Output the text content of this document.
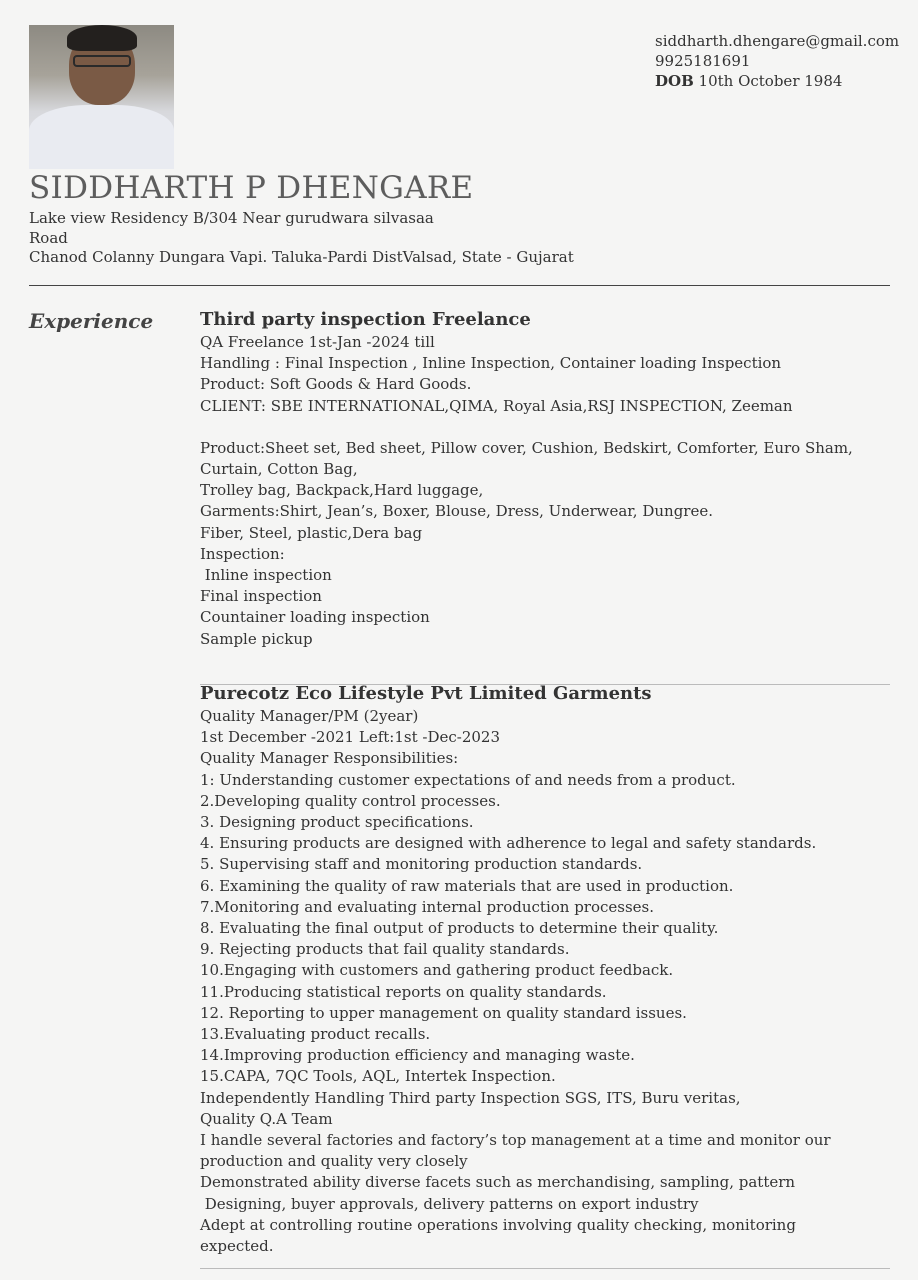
siddharth.dhengare@gmail.com
9925181691
DOB 10th October 1984
SIDDHARTH P DHENGARE
Lake view Residency B/304 Near gurudwara silvasaa
Road
Chanod Colanny Dungara Vapi. Taluka-Pardi DistValsad, State - Gujarat
Experience	Third party inspection Freelance
QA Freelance 1st-Jan -2024 till
Handling : Final Inspection , Inline Inspection, Container loading Inspection
Product: Soft Goods & Hard Goods.
CLIENT: SBE INTERNATIONAL,QIMA, Royal Asia,RSJ INSPECTION, Zeeman
Product:Sheet set, Bed sheet, Pillow cover, Cushion, Bedskirt, Comforter, Euro Sham,
Curtain, Cotton Bag,
Trolley bag, Backpack,Hard luggage,
Garments:Shirt, Jean’s, Boxer, Blouse, Dress, Underwear, Dungree.
Fiber, Steel, plastic,Dera bag
Inspection:
Inline inspection
Final inspection
Countainer loading inspection
Sample pickup
Purecotz Eco Lifestyle Pvt Limited Garments
Quality Manager/PM (2year)
1st December -2021 Left:1st -Dec-2023
Quality Manager Responsibilities:
1: Understanding customer expectations of and needs from a product.
2.Developing quality control processes.
3. Designing product specifications.
4. Ensuring products are designed with adherence to legal and safety standards.
5. Supervising staff and monitoring production standards.
6. Examining the quality of raw materials that are used in production.
7.Monitoring and evaluating internal production processes.
8. Evaluating the final output of products to determine their quality.
9. Rejecting products that fail quality standards.
10.Engaging with customers and gathering product feedback.
11.Producing statistical reports on quality standards.
12. Reporting to upper management on quality standard issues.
13.Evaluating product recalls.
14.Improving production efficiency and managing waste.
15.CAPA, 7QC Tools, AQL, Intertek Inspection.
Independently Handling Third party Inspection SGS, ITS, Buru veritas,
Quality Q.A Team
I handle several factories and factory’s top management at a time and monitor our
production and quality very closely
Demonstrated ability diverse facets such as merchandising, sampling, pattern
Designing, buyer approvals, delivery patterns on export industry
Adept at controlling routine operations involving quality checking, monitoring
expected.
